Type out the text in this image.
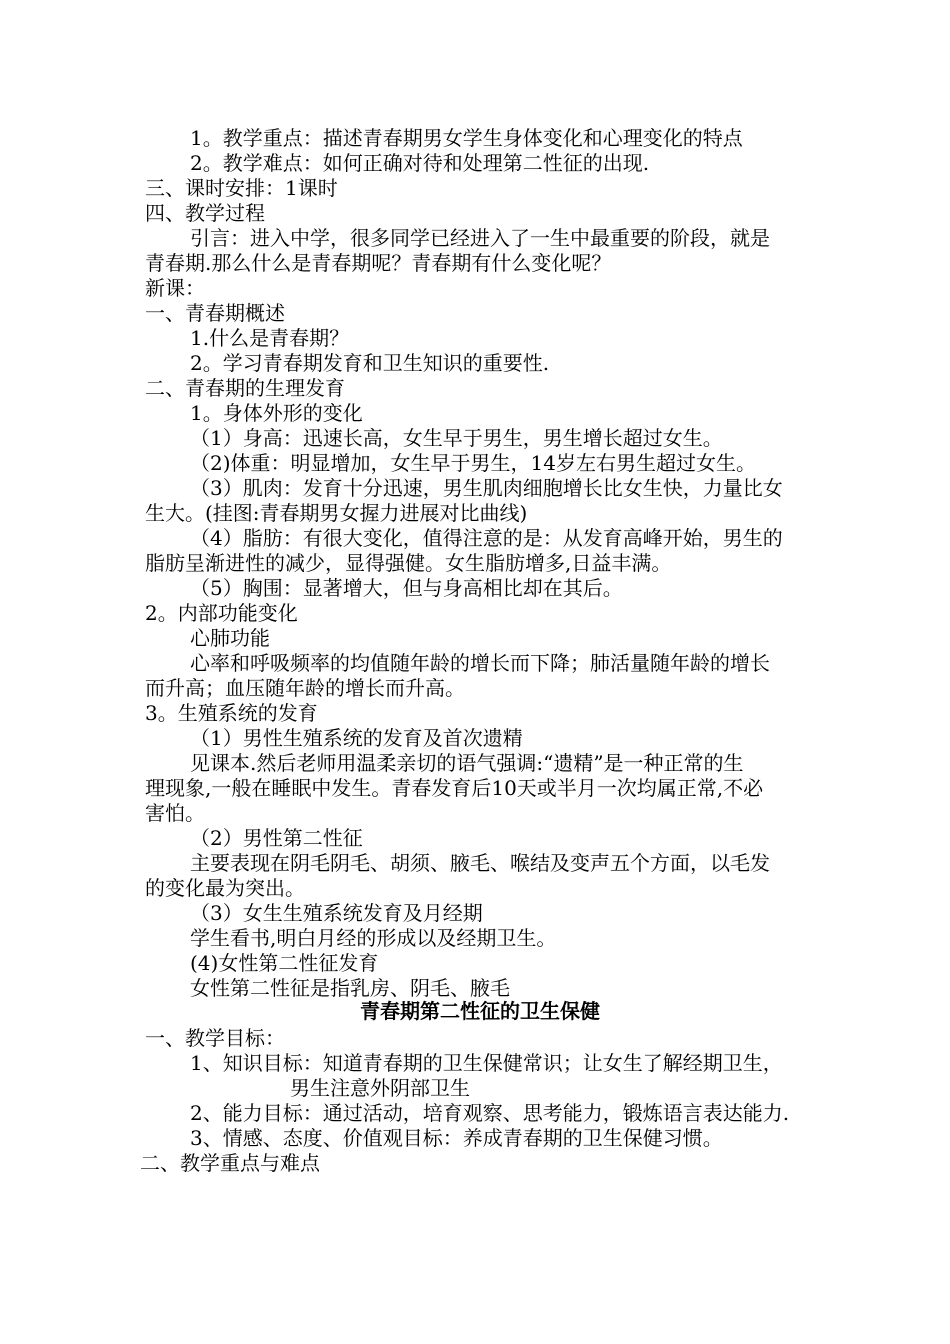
1。教学重点：描述青春期男女学生身体变化和心理变化的特点
2。教学难点：如何正确对待和处理第二性征的出现.
三、课时安排：1课时
四、教学过程
引言：进入中学，很多同学已经进入了一生中最重要的阶段，就是
青春期.那么什么是青春期呢？青春期有什么变化呢？
新课：
一、青春期概述
1.什么是青春期？
2。学习青春期发育和卫生知识的重要性.
二、青春期的生理发育
1。身体外形的变化
（1）身高：迅速长高，女生早于男生，男生增长超过女生。
（2)体重：明显增加，女生早于男生，14岁左右男生超过女生。
（3）肌肉：发育十分迅速，男生肌肉细胞增长比女生快，力量比女
生大。(挂图:青春期男女握力进展对比曲线)
（4）脂肪：有很大变化，值得注意的是：从发育高峰开始，男生的
脂肪呈渐进性的减少，显得强健。女生脂肪增多,日益丰满。
（5）胸围：显著增大，但与身高相比却在其后。
2。内部功能变化
心肺功能
心率和呼吸频率的均值随年龄的增长而下降；肺活量随年龄的增长
而升高；血压随年龄的增长而升高。
3。生殖系统的发育
（1）男性生殖系统的发育及首次遗精
见课本.然后老师用温柔亲切的语气强调:“遗精”是一种正常的生
理现象,一般在睡眠中发生。青春发育后10天或半月一次均属正常,不必
害怕。
（2）男性第二性征
主要表现在阴毛阴毛、胡须、腋毛、喉结及变声五个方面，以毛发
的变化最为突出。
（3）女生生殖系统发育及月经期
学生看书,明白月经的形成以及经期卫生。
(4)女性第二性征发育
女性第二性征是指乳房、阴毛、腋毛
青春期第二性征的卫生保健
一、教学目标：
1、知识目标：知道青春期的卫生保健常识；让女生了解经期卫生，
男生注意外阴部卫生
2、能力目标：通过活动，培育观察、思考能力，锻炼语言表达能力.
3、情感、态度、价值观目标：养成青春期的卫生保健习惯。
二、教学重点与难点
